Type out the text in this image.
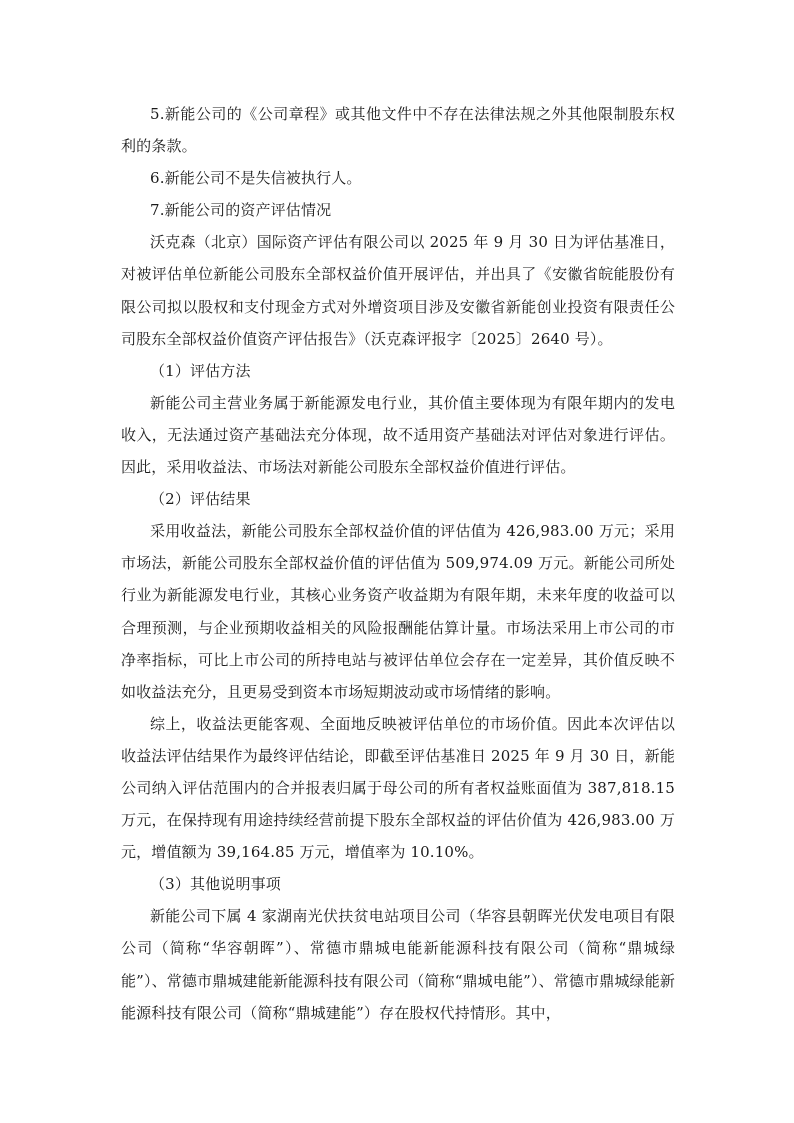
5.新能公司的《公司章程》或其他文件中不存在法律法规之外其他限制股东权利的条款。

6.新能公司不是失信被执行人。

7.新能公司的资产评估情况

沃克森（北京）国际资产评估有限公司以 2025 年 9 月 30 日为评估基准日，对被评估单位新能公司股东全部权益价值开展评估，并出具了《安徽省皖能股份有限公司拟以股权和支付现金方式对外增资项目涉及安徽省新能创业投资有限责任公司股东全部权益价值资产评估报告》（沃克森评报字〔2025〕2640 号）。

（1）评估方法

新能公司主营业务属于新能源发电行业，其价值主要体现为有限年期内的发电收入，无法通过资产基础法充分体现，故不适用资产基础法对评估对象进行评估。因此，采用收益法、市场法对新能公司股东全部权益价值进行评估。

（2）评估结果

采用收益法，新能公司股东全部权益价值的评估值为 426,983.00 万元；采用市场法，新能公司股东全部权益价值的评估值为 509,974.09 万元。新能公司所处行业为新能源发电行业，其核心业务资产收益期为有限年期，未来年度的收益可以合理预测，与企业预期收益相关的风险报酬能估算计量。市场法采用上市公司的市净率指标，可比上市公司的所持电站与被评估单位会存在一定差异，其价值反映不如收益法充分，且更易受到资本市场短期波动或市场情绪的影响。

综上，收益法更能客观、全面地反映被评估单位的市场价值。因此本次评估以收益法评估结果作为最终评估结论，即截至评估基准日 2025 年 9 月 30 日，新能公司纳入评估范围内的合并报表归属于母公司的所有者权益账面值为 387,818.15 万元，在保持现有用途持续经营前提下股东全部权益的评估价值为 426,983.00 万元，增值额为 39,164.85 万元，增值率为 10.10%。

（3）其他说明事项

新能公司下属 4 家湖南光伏扶贫电站项目公司（华容县朝晖光伏发电项目有限公司（简称“华容朝晖”）、常德市鼎城电能新能源科技有限公司（简称“鼎城绿能”）、常德市鼎城建能新能源科技有限公司（简称“鼎城电能”）、常德市鼎城绿能新能源科技有限公司（简称“鼎城建能”）存在股权代持情形。其中，
